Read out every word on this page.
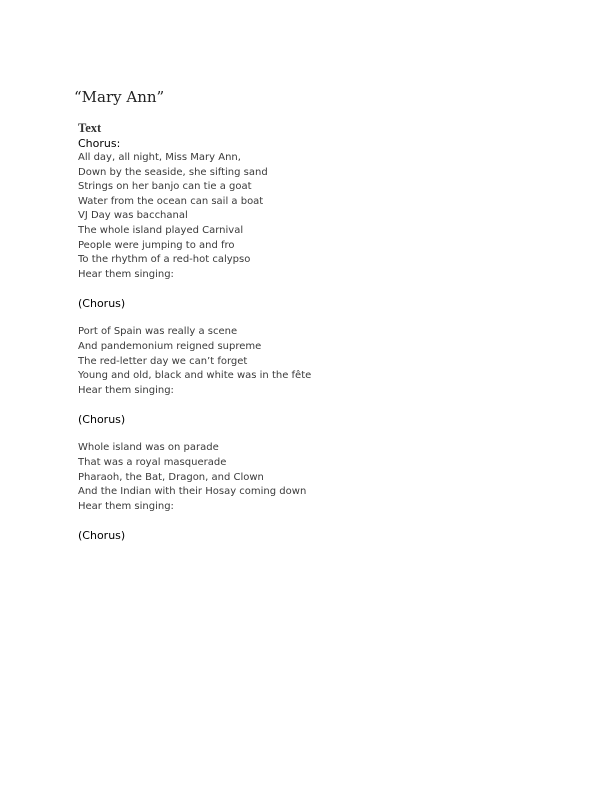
“Mary Ann”
Text
Chorus:
All day, all night, Miss Mary Ann,
Down by the seaside, she sifting sand
Strings on her banjo can tie a goat
Water from the ocean can sail a boat
VJ Day was bacchanal
The whole island played Carnival
People were jumping to and fro
To the rhythm of a red-hot calypso
Hear them singing:
(Chorus)
Port of Spain was really a scene
And pandemonium reigned supreme
The red-letter day we can’t forget
Young and old, black and white was in the fête
Hear them singing:
(Chorus)
Whole island was on parade
That was a royal masquerade
Pharaoh, the Bat, Dragon, and Clown
And the Indian with their Hosay coming down
Hear them singing:
(Chorus)
